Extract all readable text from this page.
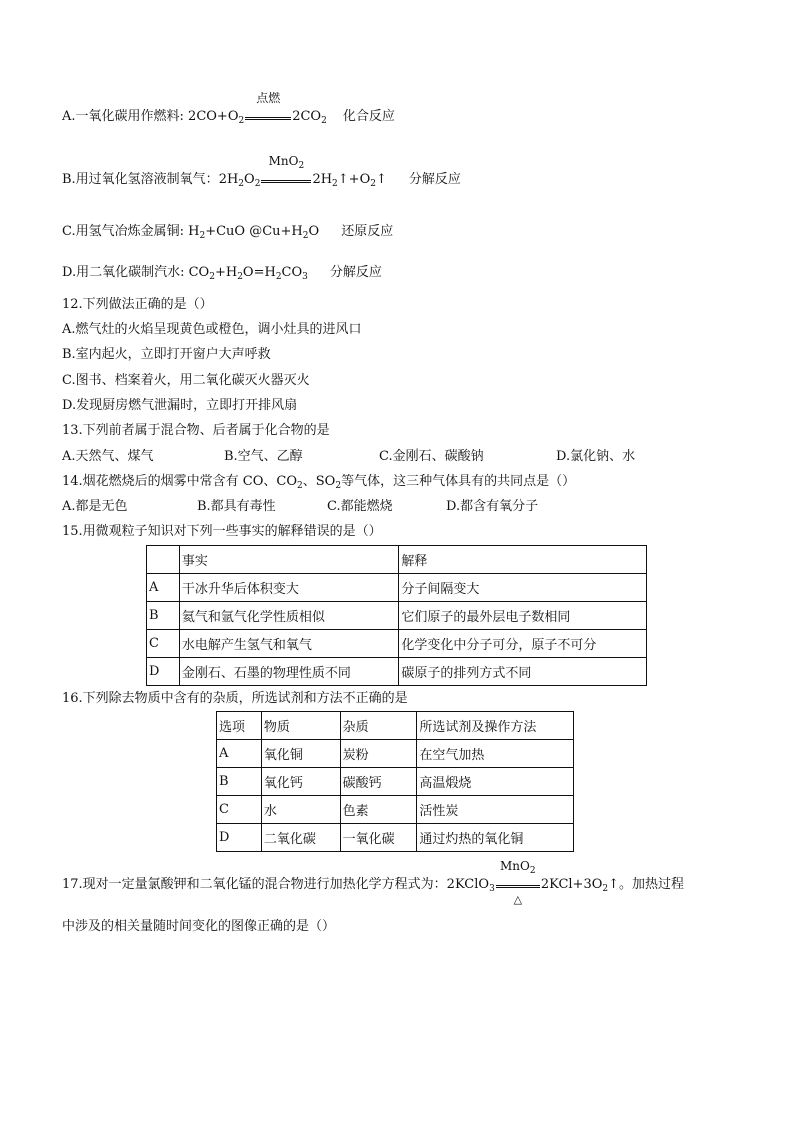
A.一氧化碳用作燃料: $2CO+O_2$
点燃
$2CO_2$ 化合反应
B.用过氧化氢溶液制氧气：$2H_2O_2$
MnO$_2$
$2H_2↑+O_2↑$ 分解反应
C.用氢气冶炼金属铜: $H_2+CuO$ $@Cu+H_2O$ 还原反应
D.用二氧化碳制汽水: $CO_2+H_2O=H_2CO_3$ 分解反应
12.下列做法正确的是（）
A.燃气灶的火焰呈现黄色或橙色，调小灶具的进风口
B.室内起火，立即打开窗户大声呼救
C.图书、档案着火，用二氧化碳灭火器灭火
D.发现厨房燃气泄漏时，立即打开排风扇
13.下列前者属于混合物、后者属于化合物的是
A.天然气、煤气	B.空气、乙醇	C.金刚石、碳酸钠	D.氯化钠、水
14.烟花燃烧后的烟雾中常含有 CO、$CO_2$、$SO_2$等气体，这三种气体具有的共同点是（）
A.都是无色	B.都具有毒性	C.都能燃烧	D.都含有氧分子
15.用微观粒子知识对下列一些事实的解释错误的是（）
	事实	解释
A	干冰升华后体积变大	分子间隔变大
B	氦气和氩气化学性质相似	它们原子的最外层电子数相同
C	水电解产生氢气和氧气	化学变化中分子可分，原子不可分
D	金刚石、石墨的物理性质不同	碳原子的排列方式不同
16.下列除去物质中含有的杂质，所选试剂和方法不正确的是
选项	物质	杂质	所选试剂及操作方法
A	氧化铜	炭粉	在空气加热
B	氧化钙	碳酸钙	高温煅烧
C	水	色素	活性炭
D	二氧化碳	一氧化碳	通过灼热的氧化铜
17.现对一定量氯酸钾和二氧化锰的混合物进行加热化学方程式为：2KClO$_3$
MnO$_2$
△
$2KCl+3O_2↑$。加热过程
中涉及的相关量随时间变化的图像正确的是（）
